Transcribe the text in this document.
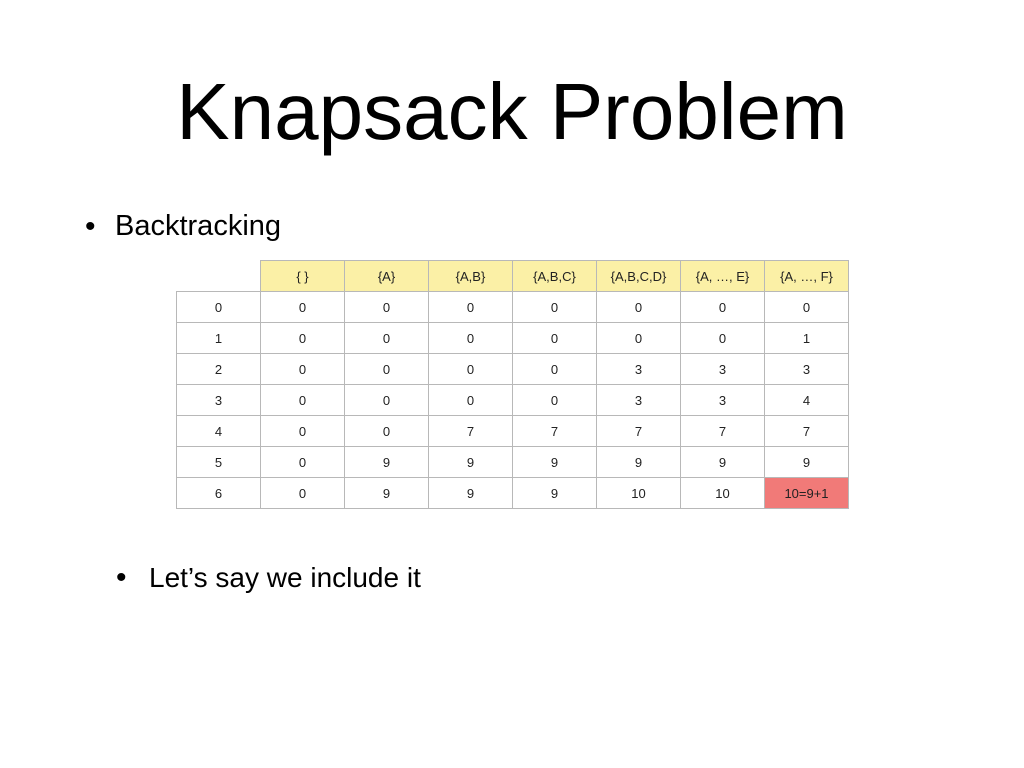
Knapsack Problem
• Backtracking
	{ }	{A}	{A,B}	{A,B,C}	{A,B,C,D}	{A, …, E}	{A, …, F}
0	0	0	0	0	0	0	0
1	0	0	0	0	0	0	1
2	0	0	0	0	3	3	3
3	0	0	0	0	3	3	4
4	0	0	7	7	7	7	7
5	0	9	9	9	9	9	9
6	0	9	9	9	10	10	10=9+1
• Let’s say we include it
